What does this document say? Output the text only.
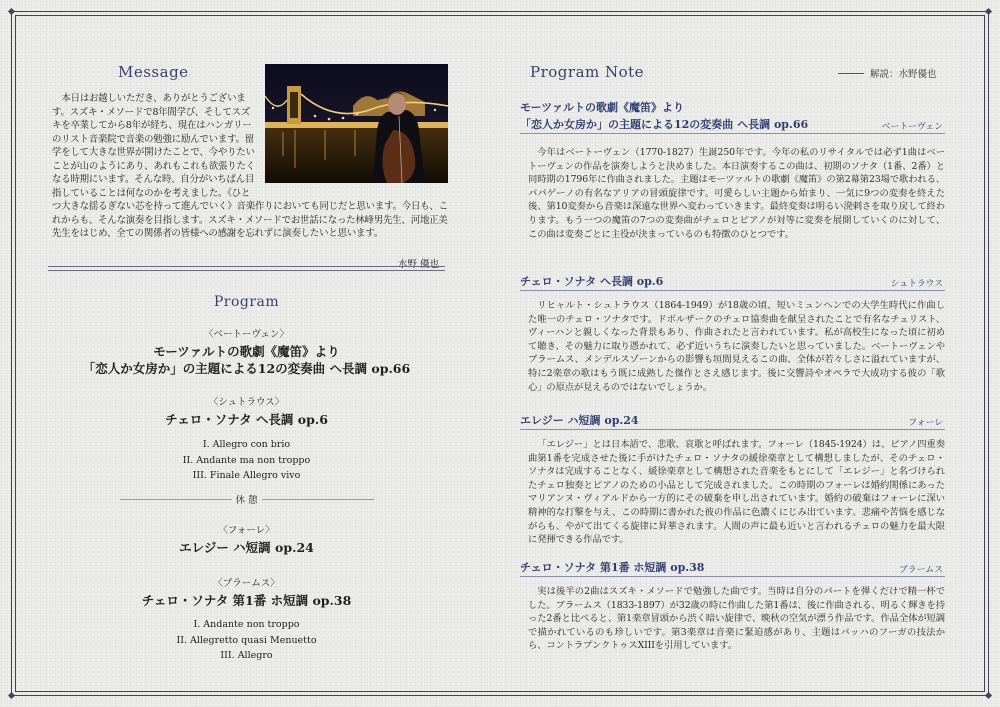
Message

本日はお越しいただき、ありがとうございます。スズキ・メソードで8年間学び、そしてスズキを卒業してから8年が経ち、現在はハンガリーのリスト音楽院で音楽の勉強に励んでいます。留学をして大きな世界が開けたことで、今やりたいことが山のようにあり、あれもこれも欲張りたくなる時期にいます。そんな時、自分がいちばん目指していることは何なのかを考えました。《ひとつ大きな揺るぎない芯を持って進んでいく》音楽作りにおいても同じだと思います。今日も、これからも、そんな演奏を目指します。スズキ・メソードでお世話になった林峰男先生、河地正美先生をはじめ、全ての関係者の皆様への感謝を忘れずに演奏したいと思います。

水野 優也
Program
〈ベートーヴェン〉
モーツァルトの歌劇《魔笛》より
「恋人か女房か」の主題による12の変奏曲 ヘ長調 op.66
〈シュトラウス〉
チェロ・ソナタ ヘ長調 op.6
I. Allegro con brio
II. Andante ma non troppo
III. Finale Allegro vivo
休 憩
〈フォーレ〉
エレジー ハ短調 op.24
〈ブラームス〉
チェロ・ソナタ 第1番 ホ短調 op.38
I. Andante non troppo
II. Allegretto quasi Menuetto
III. Allegro
Program Note	解説：水野優也
モーツァルトの歌劇《魔笛》より
「恋人か女房か」の主題による12の変奏曲 ヘ長調 op.66	ベートーヴェン

今年はベートーヴェン（1770-1827）生誕250年です。今年の私のリサイタルでは必ず1曲はベートーヴェンの作品を演奏しようと決めました。本日演奏するこの曲は、初期のソナタ（1番、2番）と同時期の1796年に作曲されました。主題はモーツァルトの歌劇《魔笛》の第2幕第23場で歌われる、パパゲーノの有名なアリアの冒頭旋律です。可愛らしい主題から始まり、一気に9つの変奏を終えた後、第10変奏から音楽は深遠な世界へ変わっていきます。最終変奏は明るい溌剌さを取り戻して終わります。もう一つの魔笛の7つの変奏曲がチェロとピアノが対等に変奏を展開していくのに対して、この曲は変奏ごとに主役が決まっているのも特徴のひとつです。

チェロ・ソナタ ヘ長調 op.6	シュトラウス

リヒャルト・シュトラウス（1864-1949）が18歳の頃、短いミュンヘンでの大学生時代に作曲した唯一のチェロ・ソナタです。ドボルザークのチェロ協奏曲を献呈されたことで有名なチェリスト、ヴィーハンと親しくなった背景もあり、作曲されたと言われています。私が高校生になった頃に初めて聴き、その魅力に取り憑かれて、必ず近いうちに演奏したいと思っていました。ベートーヴェンやブラームス、メンデルスゾーンからの影響も垣間見えるこの曲、全体が若々しさに溢れていますが、特に2楽章の歌はもう既に成熟した傑作とさえ感じます。後に交響詩やオペラで大成功する彼の「歌心」の原点が見えるのではないでしょうか。

エレジー ハ短調 op.24	フォーレ

「エレジー」とは日本語で、悲歌、哀歌と呼ばれます。フォーレ（1845-1924）は、ピアノ四重奏曲第1番を完成させた後に手がけたチェロ・ソナタの緩徐楽章として構想しましたが、そのチェロ・ソナタは完成することなく、緩徐楽章として構想された音楽をもとにして「エレジー」と名づけられたチェロ独奏とピアノのための小品として完成されました。この時期のフォーレは婚約関係にあったマリアンヌ・ヴィアルドから一方的にその破棄を申し出されています。婚約の破棄はフォーレに深い精神的な打撃を与え、この時期に書かれた彼の作品に色濃くにじみ出ています。悲痛や苦悩を感じながらも、やがて出てくる旋律に昇華されます。人間の声に最も近いと言われるチェロの魅力を最大限に発揮できる作品です。

チェロ・ソナタ 第1番 ホ短調 op.38	ブラームス

実は後半の2曲はスズキ・メソードで勉強した曲です。当時は自分のパートを弾くだけで精一杯でした。ブラームス（1833-1897）が32歳の時に作曲した第1番は、後に作曲される、明るく輝きを持った2番と比べると、第1楽章冒頭から渋く暗い旋律で、晩秋の空気が漂う作品です。作品全体が短調で描かれているのも珍しいです。第3楽章は音楽に緊迫感があり、主題はバッハのフーガの技法から、コントラプンクトゥスXIIIを引用しています。
